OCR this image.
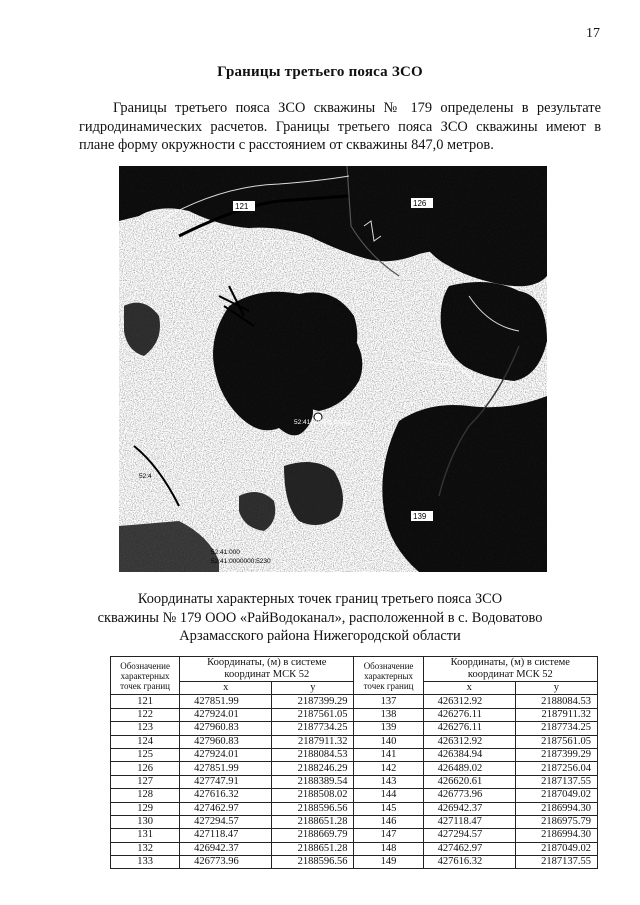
17
Границы третьего пояса ЗСО
Границы третьего пояса ЗСО скважины № 179 определены в результате гидродинамических расчетов. Границы третьего пояса ЗСО скважины имеют в плане форму окружности с расстоянием от скважины 847,0 метров.
121	126
52:41:0000000:1032
139
52:4
52:41:000
52:41:0000000:5230
Координаты характерных точек границ третьего пояса ЗСО
скважины № 179 ООО «РайВодоканал», расположенной в с. Водоватово
Арзамасского района Нижегородской области
Обозначение характерных точек границ	Координаты, (м) в системе координат МСК 52		Обозначение характерных точек границ	Координаты, (м) в системе координат МСК 52	
	x	y		x	y
121	427851.99	2187399.29	137	426312.92	2188084.53
122	427924.01	2187561.05	138	426276.11	2187911.32
123	427960.83	2187734.25	139	426276.11	2187734.25
124	427960.83	2187911.32	140	426312.92	2187561.05
125	427924.01	2188084.53	141	426384.94	2187399.29
126	427851.99	2188246.29	142	426489.02	2187256.04
127	427747.91	2188389.54	143	426620.61	2187137.55
128	427616.32	2188508.02	144	426773.96	2187049.02
129	427462.97	2188596.56	145	426942.37	2186994.30
130	427294.57	2188651.28	146	427118.47	2186975.79
131	427118.47	2188669.79	147	427294.57	2186994.30
132	426942.37	2188651.28	148	427462.97	2187049.02
133	426773.96	2188596.56	149	427616.32	2187137.55
